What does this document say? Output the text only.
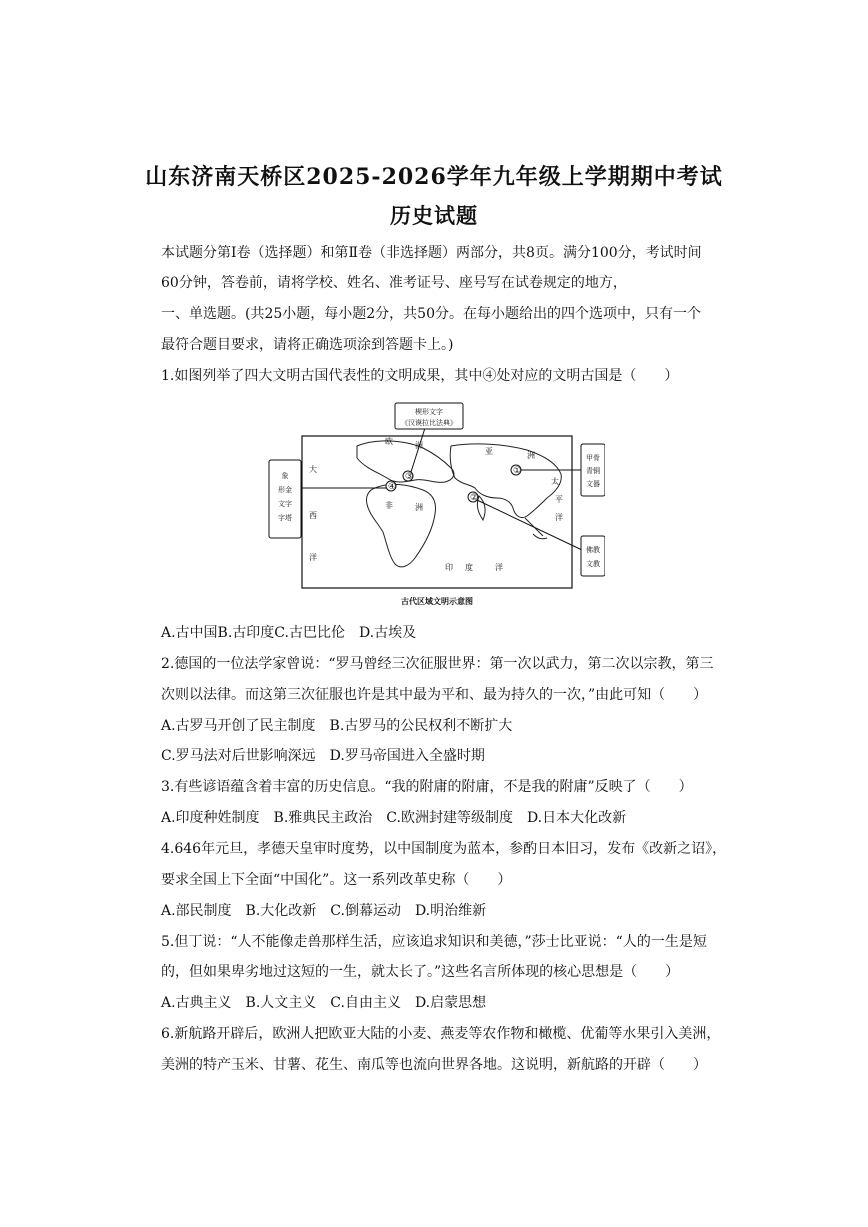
山东济南天桥区2025-2026学年九年级上学期期中考试
历史试题
本试题分第Ⅰ卷（选择题）和第Ⅱ卷（非选择题）两部分，共8页。满分100分，考试时间
60分钟，答卷前，请将学校、姓名、准考证号、座号写在试卷规定的地方，
一、单选题。(共25小题，每小题2分，共50分。在每小题给出的四个选项中，只有一个
最符合题目要求，请将正确选项涂到答题卡上。)
1.如图列举了四大文明古国代表性的文明成果，其中④处对应的文明古国是（　　）
欧	洲
大
亚	洲
太
平
洋
西
非	洲
洋
印 度	洋
①
②
③
④
楔形文字
《汉谟拉比法典》
象
形金
文字
字塔
甲骨
青铜
文器
佛教
文教
古代区域文明示意图
A.古中国B.古印度C.古巴比伦　D.古埃及
2.德国的一位法学家曾说：“罗马曾经三次征服世界：第一次以武力，第二次以宗教，第三
次则以法律。而这第三次征服也许是其中最为平和、最为持久的一次，”由此可知（　　）
A.古罗马开创了民主制度　B.古罗马的公民权利不断扩大
C.罗马法对后世影响深远　D.罗马帝国进入全盛时期
3.有些谚语蕴含着丰富的历史信息。“我的附庸的附庸，不是我的附庸”反映了（　　）
A.印度种姓制度　B.雅典民主政治　C.欧洲封建等级制度　D.日本大化改新
4.646年元旦，孝德天皇审时度势，以中国制度为蓝本，参酌日本旧习，发布《改新之诏》，
要求全国上下全面“中国化”。这一系列改革史称（　　）
A.部民制度　B.大化改新　C.倒幕运动　D.明治维新
5.但丁说：“人不能像走兽那样生活，应该追求知识和美德，”莎士比亚说：“人的一生是短
的，但如果卑劣地过这短的一生，就太长了。”这些名言所体现的核心思想是（　　）
A.古典主义　B.人文主义　C.自由主义　D.启蒙思想
6.新航路开辟后，欧洲人把欧亚大陆的小麦、燕麦等农作物和橄榄、优葡等水果引入美洲，
美洲的特产玉米、甘薯、花生、南瓜等也流向世界各地。这说明，新航路的开辟（　　）
